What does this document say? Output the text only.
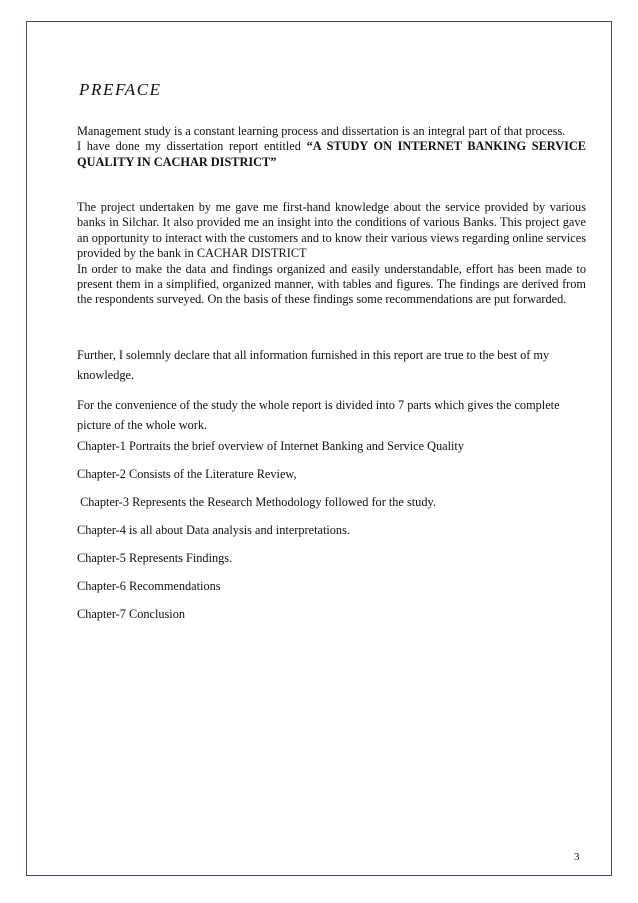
PREFACE

Management study is a constant learning process and dissertation is an integral part of that process.
I have done my dissertation report entitled “A STUDY ON INTERNET BANKING SERVICE QUALITY IN CACHAR DISTRICT”

The project undertaken by me gave me first-hand knowledge about the service provided by various banks in Silchar. It also provided me an insight into the conditions of various Banks. This project gave an opportunity to interact with the customers and to know their various views regarding online services provided by the bank in CACHAR DISTRICT
In order to make the data and findings organized and easily understandable, effort has been made to present them in a simplified, organized manner, with tables and figures. The findings are derived from the respondents surveyed. On the basis of these findings some recommendations are put forwarded.

Further, I solemnly declare that all information furnished in this report are true to the best of my knowledge.

For the convenience of the study the whole report is divided into 7 parts which gives the complete picture of the whole work.

Chapter-1 Portraits the brief overview of Internet Banking and Service Quality

Chapter-2 Consists of the Literature Review,

Chapter-3 Represents the Research Methodology followed for the study.

Chapter-4 is all about Data analysis and interpretations.

Chapter-5 Represents Findings.

Chapter-6 Recommendations

Chapter-7 Conclusion

3
